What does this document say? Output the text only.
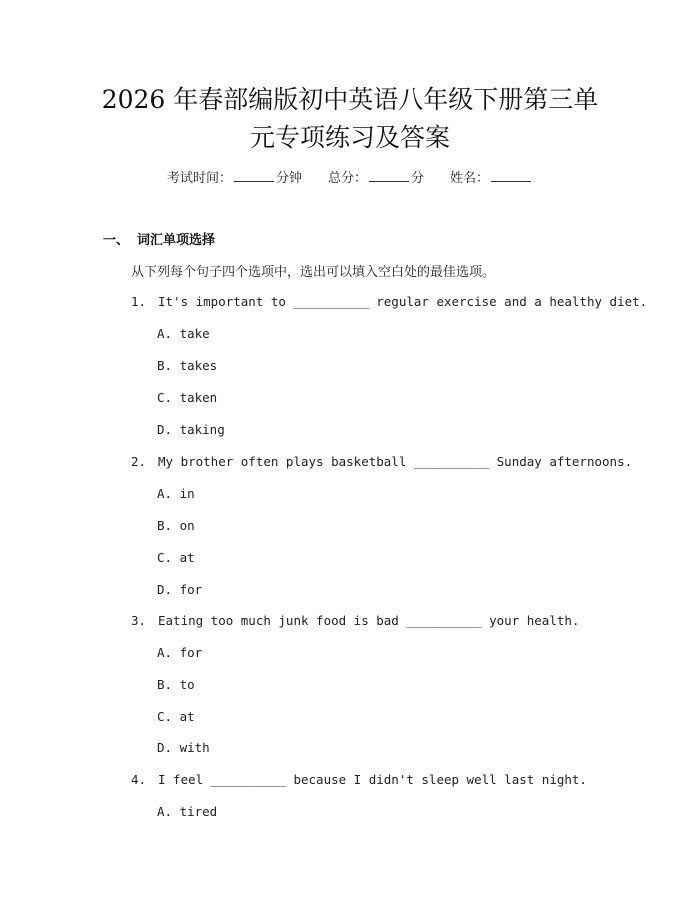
2026 年春部编版初中英语八年级下册第三单
元专项练习及答案
考试时间：	分钟 总分：	分 姓名：
一、 词汇单项选择
从下列每个句子四个选项中，选出可以填入空白处的最佳选项。
1. It's important to __________ regular exercise and a healthy diet.
A. take
B. takes
C. taken
D. taking
2. My brother often plays basketball __________ Sunday afternoons.
A. in
B. on
C. at
D. for
3. Eating too much junk food is bad __________ your health.
A. for
B. to
C. at
D. with
4. I feel __________ because I didn't sleep well last night.
A. tired
